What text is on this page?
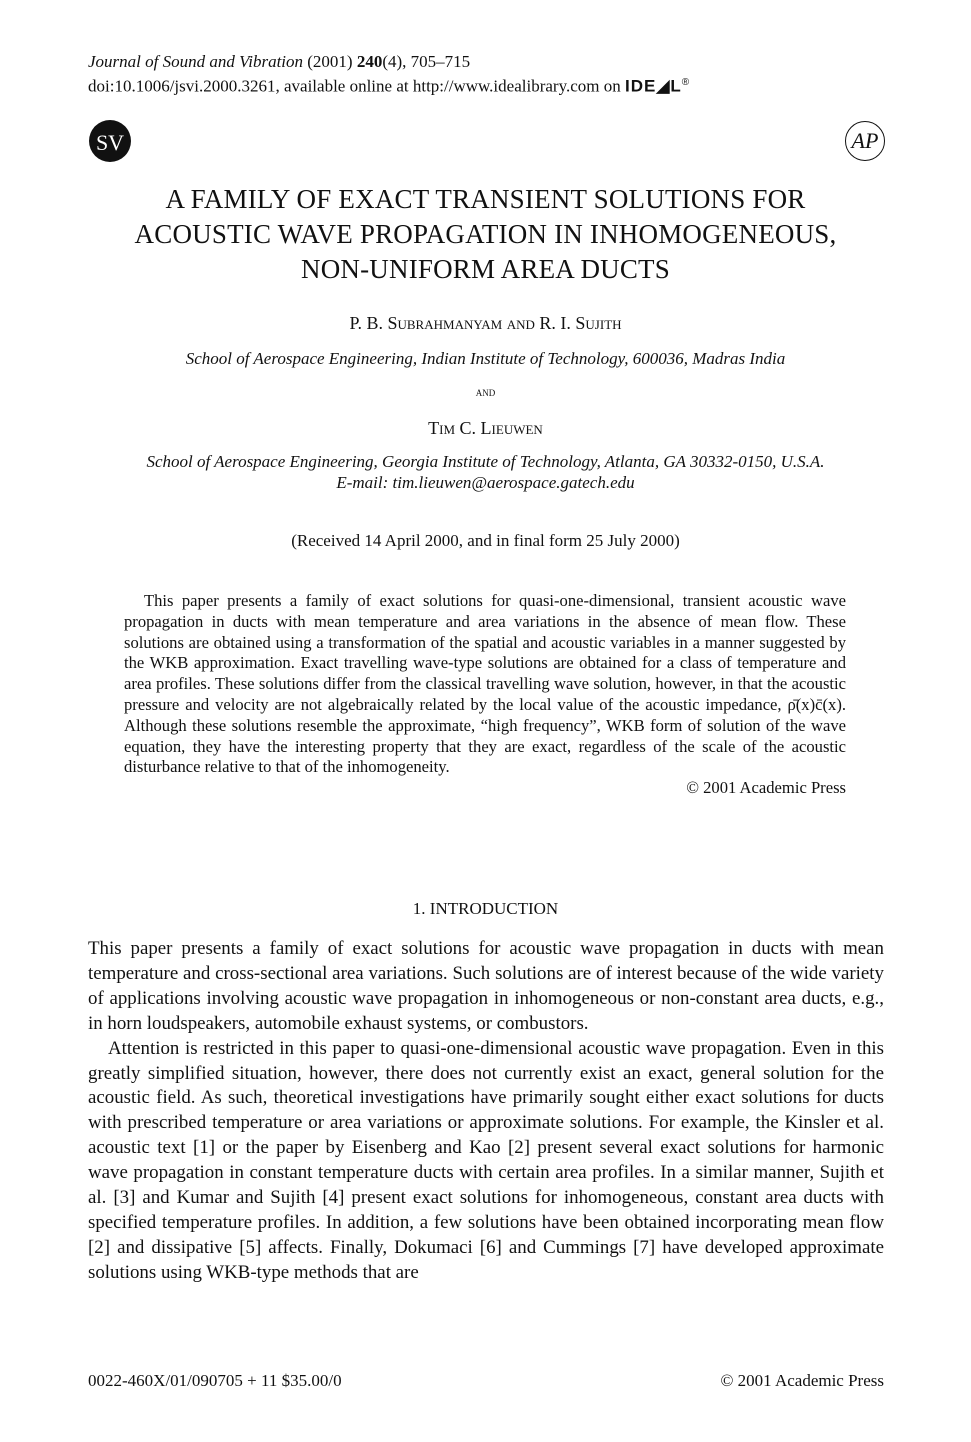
Journal of Sound and Vibration (2001) 240(4), 705–715
doi:10.1006/jsvi.2000.3261, available online at http://www.idealibrary.com on IDE◢L®
SV	AP
A FAMILY OF EXACT TRANSIENT SOLUTIONS FOR
ACOUSTIC WAVE PROPAGATION IN INHOMOGENEOUS,
NON-UNIFORM AREA DUCTS
P. B. Subrahmanyam and R. I. Sujith
School of Aerospace Engineering, Indian Institute of Technology, 600036, Madras India
and
Tim C. Lieuwen
School of Aerospace Engineering, Georgia Institute of Technology, Atlanta, GA 30332-0150, U.S.A.
E-mail: tim.lieuwen@aerospace.gatech.edu
(Received 14 April 2000, and in final form 25 July 2000)

This paper presents a family of exact solutions for quasi-one-dimensional, transient acoustic wave propagation in ducts with mean temperature and area variations in the absence of mean flow. These solutions are obtained using a transformation of the spatial and acoustic variables in a manner suggested by the WKB approximation. Exact travelling wave-type solutions are obtained for a class of temperature and area profiles. These solutions differ from the classical travelling wave solution, however, in that the acoustic pressure and velocity are not algebraically related by the local value of the acoustic impedance, ρ̄(x)c̄(x). Although these solutions resemble the approximate, “high frequency”, WKB form of solution of the wave equation, they have the interesting property that they are exact, regardless of the scale of the acoustic disturbance relative to that of the inhomogeneity.

© 2001 Academic Press
1. INTRODUCTION

This paper presents a family of exact solutions for acoustic wave propagation in ducts with mean temperature and cross-sectional area variations. Such solutions are of interest because of the wide variety of applications involving acoustic wave propagation in inhomogeneous or non-constant area ducts, e.g., in horn loudspeakers, automobile exhaust systems, or combustors.

Attention is restricted in this paper to quasi-one-dimensional acoustic wave propagation. Even in this greatly simplified situation, however, there does not currently exist an exact, general solution for the acoustic field. As such, theoretical investigations have primarily sought either exact solutions for ducts with prescribed temperature or area variations or approximate solutions. For example, the Kinsler et al. acoustic text [1] or the paper by Eisenberg and Kao [2] present several exact solutions for harmonic wave propagation in constant temperature ducts with certain area profiles. In a similar manner, Sujith et al. [3] and Kumar and Sujith [4] present exact solutions for inhomogeneous, constant area ducts with specified temperature profiles. In addition, a few solutions have been obtained incorporating mean flow [2] and dissipative [5] affects. Finally, Dokumaci [6] and Cummings [7] have developed approximate solutions using WKB-type methods that are

0022-460X/01/090705 + 11 $35.00/0	© 2001 Academic Press
